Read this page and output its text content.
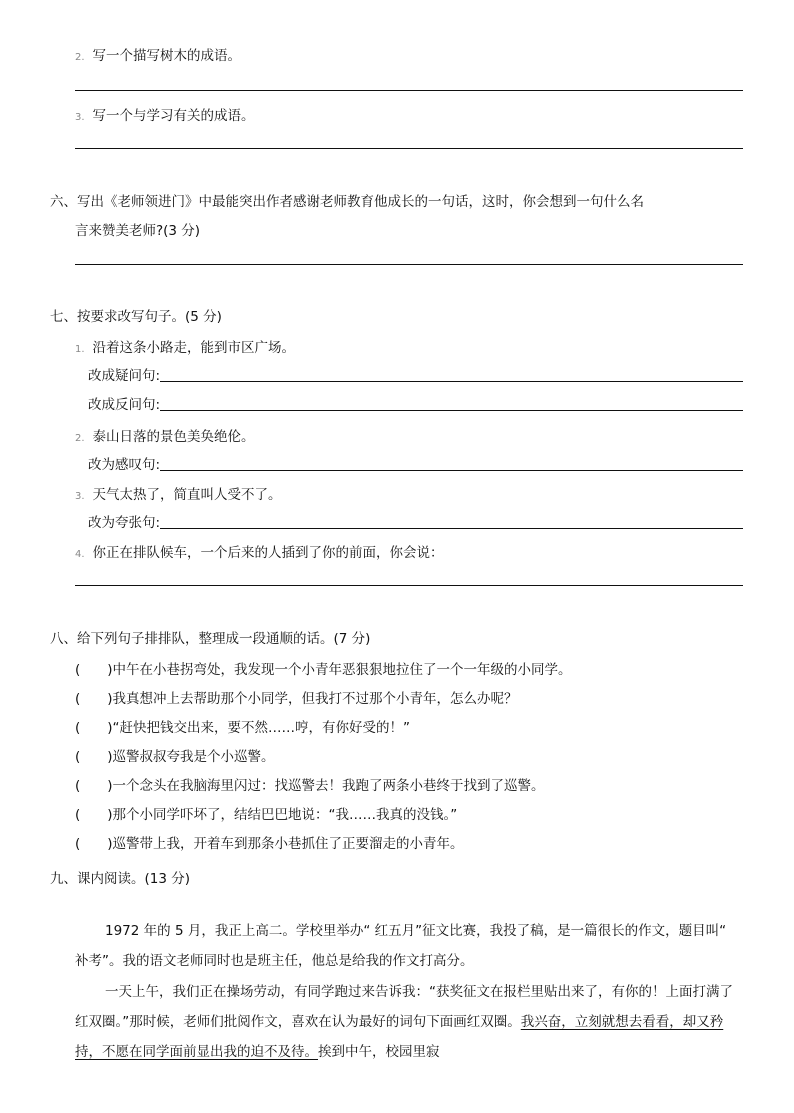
2. 写一个描写树木的成语。
3. 写一个与学习有关的成语。
六、写出《老师领进门》中最能突出作者感谢老师教育他成长的一句话，这时，你会想到一句什么名
言来赞美老师?(3 分)
七、按要求改写句子。(5 分)
1. 沿着这条小路走，能到市区广场。
改成疑问句:
改成反问句:
2. 泰山日落的景色美奂绝伦。
改为感叹句:
3. 天气太热了，简直叫人受不了。
改为夸张句:
4. 你正在排队候车，一个后来的人插到了你的前面，你会说：
八、给下列句子排排队，整理成一段通顺的话。(7 分)
(　　)中午在小巷拐弯处，我发现一个小青年恶狠狠地拉住了一个一年级的小同学。
(　　)我真想冲上去帮助那个小同学，但我打不过那个小青年，怎么办呢？
(　　)“赶快把钱交出来，要不然……哼，有你好受的！”
(　　)巡警叔叔夸我是个小巡警。
(　　)一个念头在我脑海里闪过：找巡警去！我跑了两条小巷终于找到了巡警。
(　　)那个小同学吓坏了，结结巴巴地说：“我……我真的没钱。”
(　　)巡警带上我，开着车到那条小巷抓住了正要溜走的小青年。
九、课内阅读。(13 分)
1972 年的 5 月，我正上高二。学校里举办“ 红五月”征文比赛，我投了稿，是一篇很长的作文，题目叫“ 补考”。我的语文老师同时也是班主任，他总是给我的作文打高分。
一天上午，我们正在操场劳动，有同学跑过来告诉我：“获奖征文在报栏里贴出来了，有你的！上面打满了红双圈。”那时候，老师们批阅作文，喜欢在认为最好的词句下面画红双圈。我兴奋，立刻就想去看看，却又矜持，不愿在同学面前显出我的迫不及待。挨到中午，校园里寂
